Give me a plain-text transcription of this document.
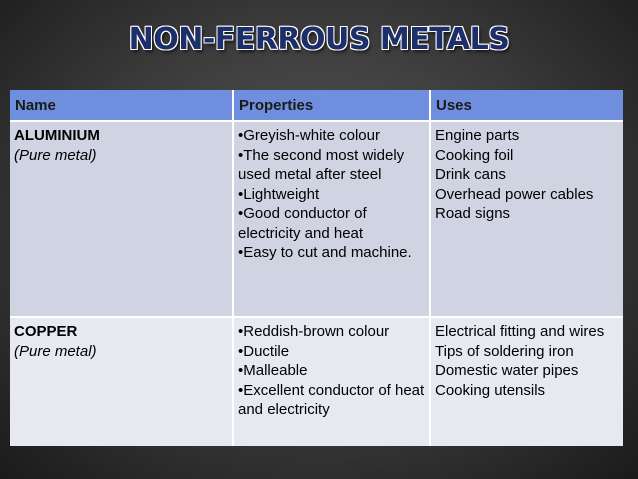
NON-FERROUS METALS
Name	Properties	Uses

ALUMINIUM
(Pure metal)	•Greyish-white colour
•The second most widely used metal after steel
•Lightweight
•Good conductor of electricity and heat
•Easy to cut and machine.	Engine parts
Cooking foil
Drink cans
Overhead power cables
Road signs

COPPER
(Pure metal)	•Reddish-brown colour
•Ductile
•Malleable
•Excellent conductor of heat and electricity	Electrical fitting and wires
Tips of soldering iron
Domestic water pipes
Cooking utensils
